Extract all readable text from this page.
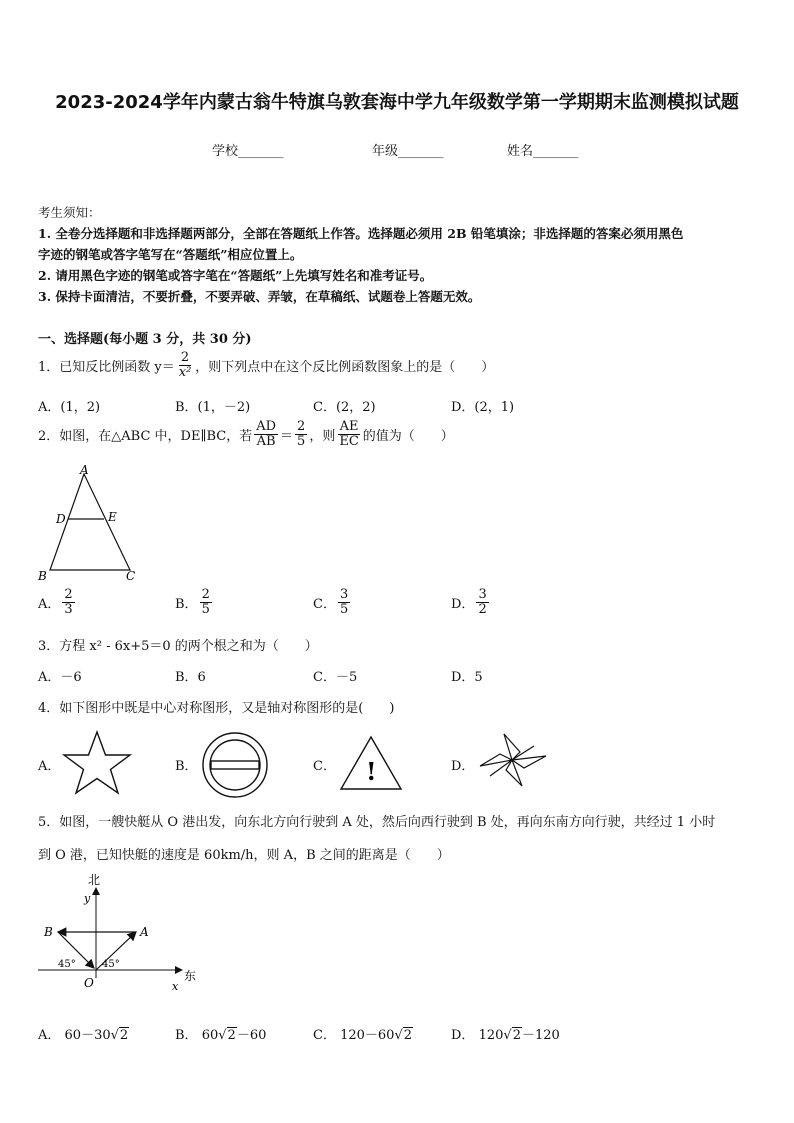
2023-2024学年内蒙古翁牛特旗乌敦套海中学九年级数学第一学期期末监测模拟试题
学校_______	年级_______	姓名_______
考生须知：
1. 全卷分选择题和非选择题两部分，全部在答题纸上作答。选择题必须用 2B 铅笔填涂；非选择题的答案必须用黑色
字迹的钢笔或答字笔写在“答题纸”相应位置上。
2. 请用黑色字迹的钢笔或答字笔在“答题纸”上先填写姓名和准考证号。
3. 保持卡面清洁，不要折叠，不要弄破、弄皱，在草稿纸、试题卷上答题无效。
一、选择题(每小题 3 分，共 30 分)
1．已知反比例函数 $y= \frac{2}{\text{x²}}$ ，则下列点中在这个反比例函数图象上的是（　　）
A．(1，2)	B．(1，－2)	C．(2，2)	D．(2，1)
2．如图，在△ABC 中，DE∥BC，若 $\frac{AD}{AB} = \frac{2}{5}$ ，则 $\frac{AE}{EC}$ 的值为（　　）
A
D	E
B	C
A． $\frac{2}{3}$	B． $\frac{2}{5}$	C． $\frac{3}{5}$	D． $\frac{3}{2}$
3．方程 x² - 6x+5＝0 的两个根之和为（　　）
A．－6	B．6	C．－5	D．5
4．如下图形中既是中心对称图形，又是轴对称图形的是(　　)
A．	B．	C． !	D．
5．如图，一艘快艇从 O 港出发，向东北方向行驶到 A 处，然后向西行驶到 B 处，再向东南方向行驶，共经过 1 小时
到 O 港，已知快艇的速度是 60km/h，则 A，B 之间的距离是（　　）
北
y
东
x
O
A
B
45°	45°
A． 60－30√2	B． 60√2－60	C． 120－60√2	D． 120√2－120
